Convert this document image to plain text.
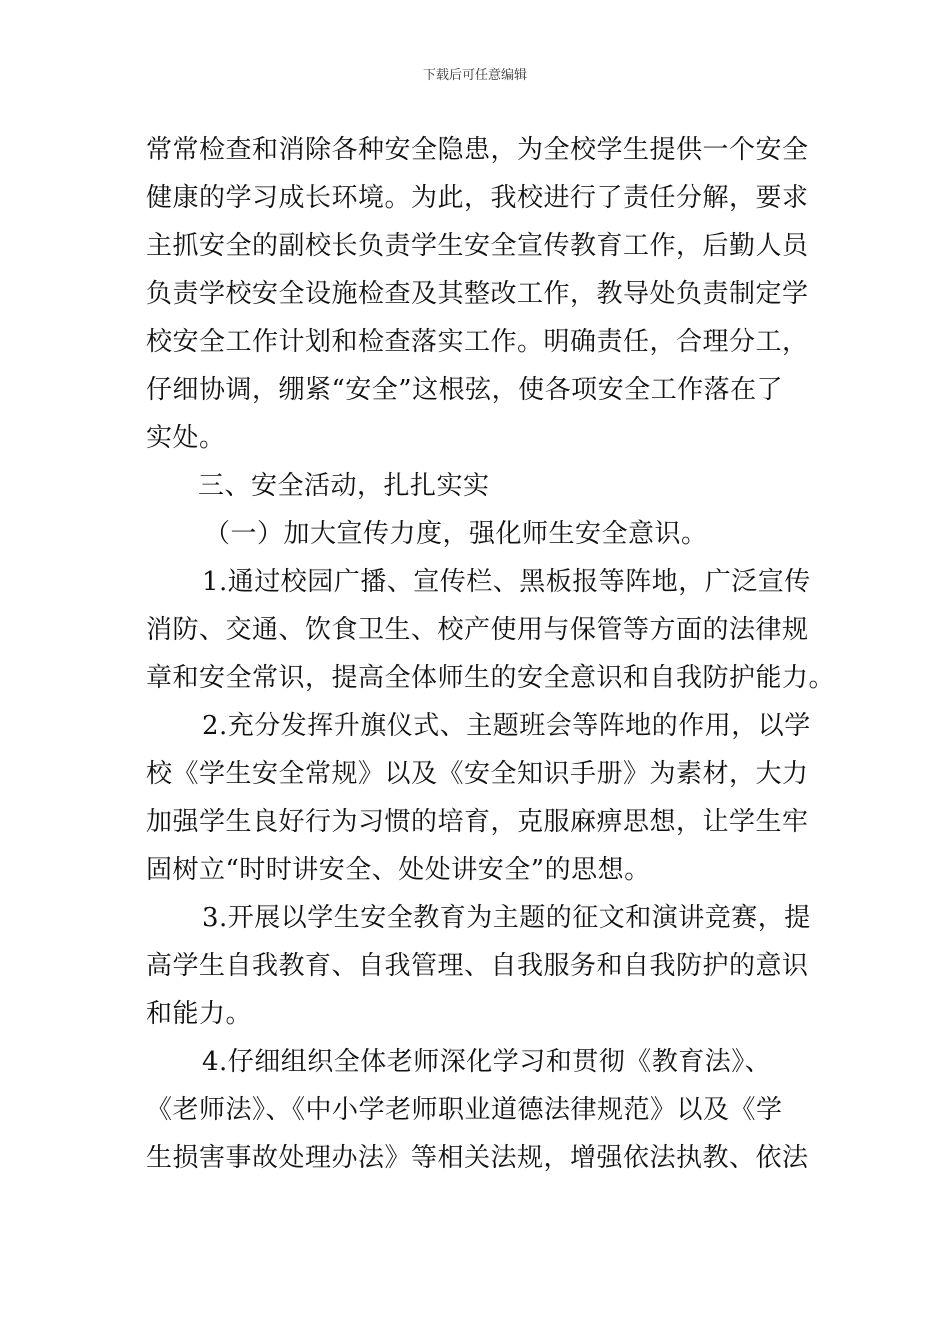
下载后可任意编辑
常常检查和消除各种安全隐患，为全校学生提供一个安全
健康的学习成长环境。为此，我校进行了责任分解，要求
主抓安全的副校长负责学生安全宣传教育工作，后勤人员
负责学校安全设施检查及其整改工作，教导处负责制定学
校安全工作计划和检查落实工作。明确责任，合理分工，
仔细协调，绷紧“安全”这根弦，使各项安全工作落在了
实处。
三、安全活动，扎扎实实
（一）加大宣传力度，强化师生安全意识。
1.通过校园广播、宣传栏、黑板报等阵地，广泛宣传
消防、交通、饮食卫生、校产使用与保管等方面的法律规
章和安全常识，提高全体师生的安全意识和自我防护能力。
2.充分发挥升旗仪式、主题班会等阵地的作用，以学
校《学生安全常规》以及《安全知识手册》为素材，大力
加强学生良好行为习惯的培育，克服麻痹思想，让学生牢
固树立“时时讲安全、处处讲安全”的思想。
3.开展以学生安全教育为主题的征文和演讲竞赛，提
高学生自我教育、自我管理、自我服务和自我防护的意识
和能力。
4.仔细组织全体老师深化学习和贯彻《教育法》、
《老师法》、《中小学老师职业道德法律规范》以及《学
生损害事故处理办法》等相关法规，增强依法执教、依法
